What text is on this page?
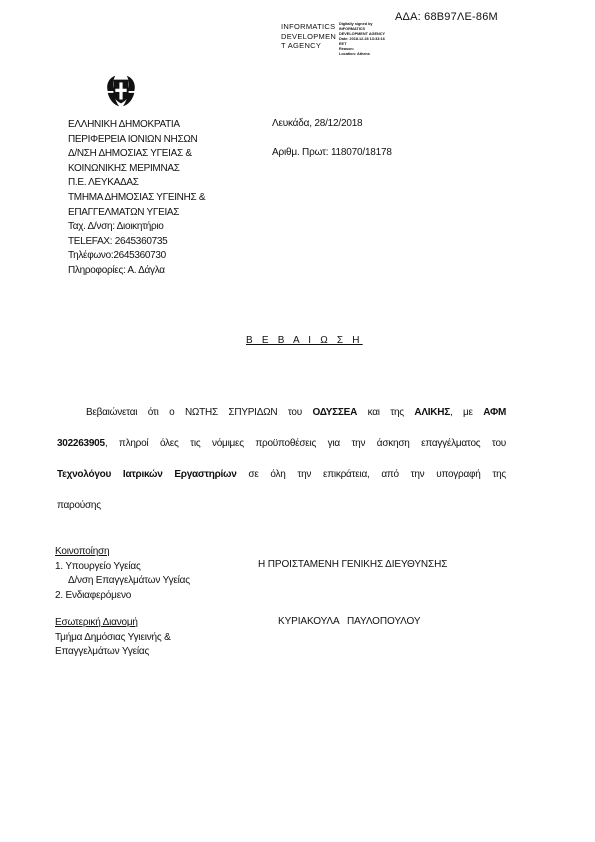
ΑΔΑ: 68Β97ΛΕ-86Μ
INFORMATICS
DEVELOPMEN
T AGENCY
Digitally signed by
INFORMATICS
DEVELOPMENT AGENCY
Date: 2018.12.28 13:33:16
EET
Reason:
Location: Athens
ΕΛΛΗΝΙΚΗ ΔΗΜΟΚΡΑΤΙΑ
ΠΕΡΙΦΕΡΕΙΑ ΙΟΝΙΩΝ ΝΗΣΩΝ
Δ/ΝΣΗ ΔΗΜΟΣΙΑΣ ΥΓΕΙΑΣ &
ΚΟΙΝΩΝΙΚΗΣ ΜΕΡΙΜΝΑΣ
Π.Ε. ΛΕΥΚΑΔΑΣ
ΤΜΗΜΑ ΔΗΜΟΣΙΑΣ ΥΓΕΙΝΗΣ &
ΕΠΑΓΓΕΛΜΑΤΩΝ ΥΓΕΙΑΣ
Ταχ. Δ/νση: Διοικητήριο
TELEFAX: 2645360735
Τηλέφωνο:2645360730
Πληροφορίες: Α. Δάγλα
Λευκάδα, 28/12/2018
Αριθμ. Πρωτ: 118070/18178
Β Ε Β Α Ι Ω Σ Η

Βεβαιώνεται ότι ο ΝΩΤΗΣ ΣΠΥΡΙΔΩΝ του ΟΔΥΣΣΕΑ και της ΑΛΙΚΗΣ, με ΑΦΜ

302263905, πληροί όλες τις νόμιμες προϋποθέσεις για την άσκηση επαγγέλματος του

Τεχνολόγου Ιατρικών Εργαστηρίων σε όλη την επικράτεια, από την υπογραφή της

παρούσης

Κοινοποίηση
1. Υπουργείο Υγείας
Δ/νση Επαγγελμάτων Υγείας
2. Ενδιαφερόμενο
Η ΠΡΟΙΣΤΑΜΕΝΗ ΓΕΝΙΚΗΣ ΔΙΕΥΘΥΝΣΗΣ
ΚΥΡΙΑΚΟΥΛΑ   ΠΑΥΛΟΠΟΥΛΟΥ
Εσωτερική Διανομή
Τμήμα Δημόσιας Υγιεινής &
Επαγγελμάτων Υγείας
